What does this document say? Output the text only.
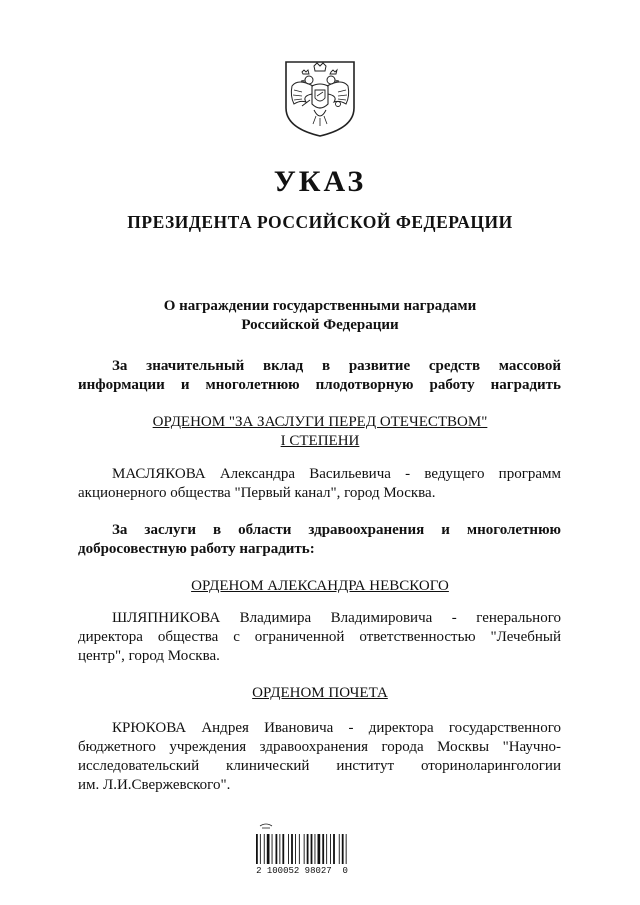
УКАЗ
ПРЕЗИДЕНТА РОССИЙСКОЙ ФЕДЕРАЦИИ
О награждении государственными наградами
Российской Федерации
За значительный вклад в развитие средств массовой
информации и многолетнюю плодотворную работу наградить
ОРДЕНОМ "ЗА ЗАСЛУГИ ПЕРЕД ОТЕЧЕСТВОМ"
I СТЕПЕНИ
МАСЛЯКОВА Александра Васильевича - ведущего программ
акционерного общества "Первый канал", город Москва.
За заслуги в области здравоохранения и многолетнюю
добросовестную работу наградить:
ОРДЕНОМ АЛЕКСАНДРА НЕВСКОГО
ШЛЯПНИКОВА Владимира Владимировича - генерального
директора общества с ограниченной ответственностью "Лечебный
центр", город Москва.
ОРДЕНОМ ПОЧЕТА
КРЮКОВА Андрея Ивановича - директора государственного
бюджетного учреждения здравоохранения города Москвы "Научно-
исследовательский клинический институт оториноларингологии
им. Л.И.Свержевского".
2 100052 98027  0
